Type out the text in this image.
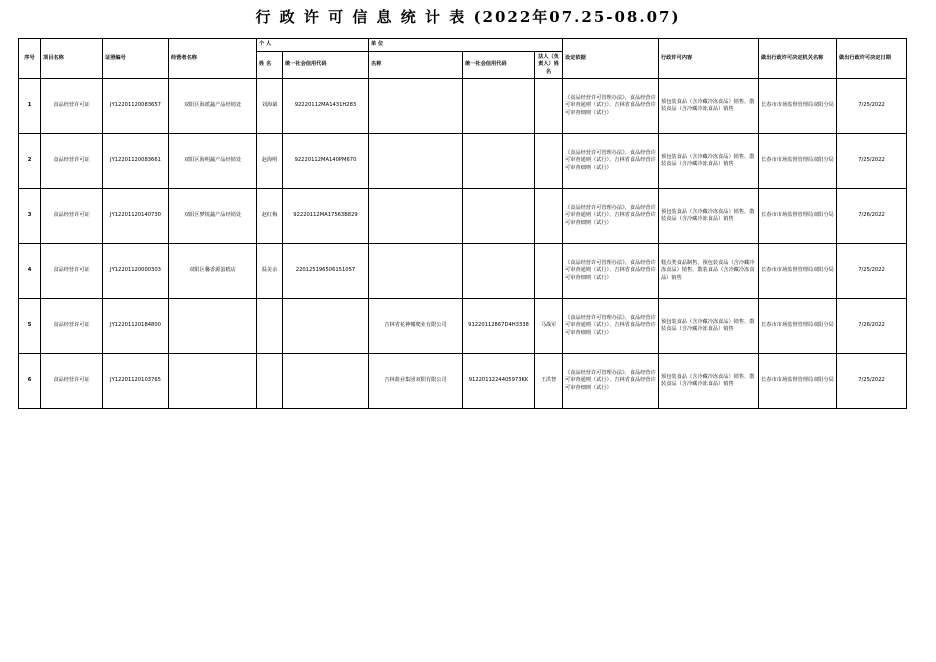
行 政 许 可 信 息 统 计 表 (2022年07.25-08.07)
序号	项目名称	证照编号	经营者名称	个 人		单 位			设定依据	行政许可内容	做出行政许可决定机关名称	做出行政许可决定日期
				姓 名	统一社会信用代码	名称	统一社会信用代码	法人（负责人）姓名				
1	食品经营许可证	JY12201120083657	双阳区海派蔬产品经销处	刘海斌	92220112MA1431H283				《食品经营许可管理办法》、食品经营许可审查通则（试行）、吉林省食品经营许可审查细则（试行）	预包装食品（含冷藏冷冻食品）销售、散装食品（含冷藏冷冻食品）销售	长春市市场监督管理局双阳分局	7/25/2022
2	食品经营许可证	JY12201120083661	双阳区海明蔬产品经销处	赵海明	92220112MA140PM670				《食品经营许可管理办法》、食品经营许可审查通则（试行）、吉林省食品经营许可审查细则（试行）	预包装食品（含冷藏冷冻食品）销售、散装食品（含冷藏冷冻食品）销售	长春市市场监督管理局双阳分局	7/25/2022
3	食品经营许可证	JY12201120140730	双阳区梦锐蔬产品经销处	赵红梅	92220112MA17563B829				《食品经营许可管理办法》、食品经营许可审查通则（试行）、吉林省食品经营许可审查细则（试行）	预包装食品（含冷藏冷冻食品）销售、散装食品（含冷藏冷冻食品）销售	长春市市场监督管理局双阳分局	7/26/2022
4	食品经营许可证	JY12201120000303	双阳区馨香源蛋糕店	温美余	220125196506151057				《食品经营许可管理办法》、食品经营许可审查通则（试行）、吉林省食品经营许可审查细则（试行）	糕点类食品制售、预包装食品（含冷藏冷冻食品）销售、散装食品（含冷藏冷冻食品）销售	长春市市场监督管理局双阳分局	7/25/2022
5	食品经营许可证	JY12201120184800				吉林省花神娜爬业有限公司	91220112867D4H3338	马战军	《食品经营许可管理办法》、食品经营许可审查通则（试行）、吉林省食品经营许可审查细则（试行）	预包装食品（含冷藏冷冻食品）销售、散装食品（含冷藏冷冻食品）销售	长春市市场监督管理局双阳分局	7/26/2022
6	食品经营许可证	JY12201120103765				吉林盐业集团双阳有限公司	9122011224405973KK	王洪智	《食品经营许可管理办法》、食品经营许可审查通则（试行）、吉林省食品经营许可审查细则（试行）	预包装食品（含冷藏冷冻食品）销售、散装食品（含冷藏冷冻食品）销售	长春市市场监督管理局双阳分局	7/25/2022
